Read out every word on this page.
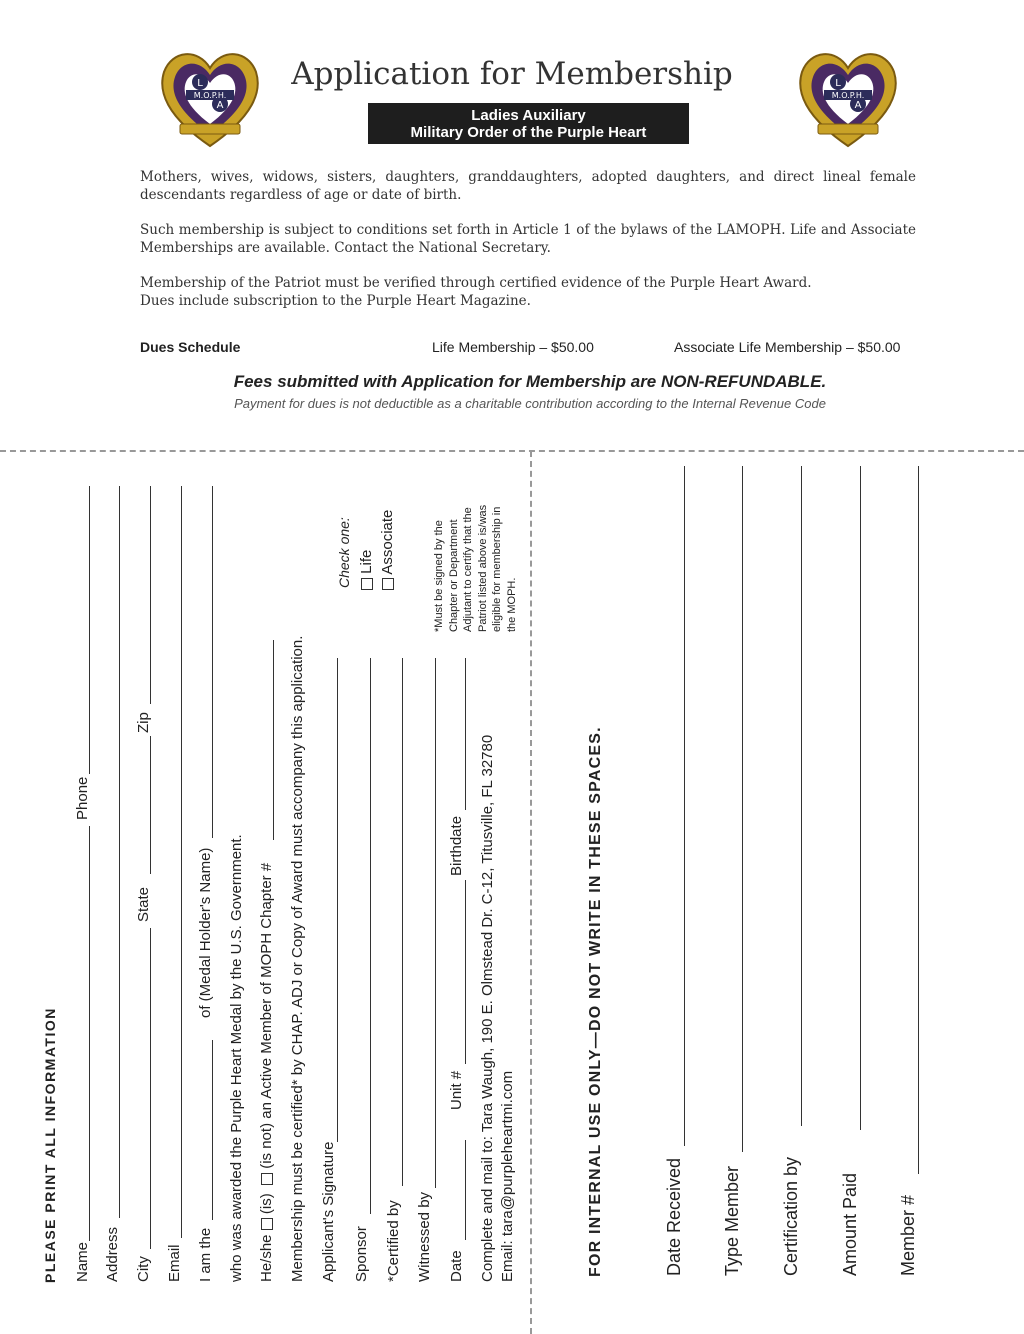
L
M.O.P.H.
A
L
M.O.P.H.
A
Application for Membership
Ladies Auxiliary
Military Order of the Purple Heart
Mothers, wives, widows, sisters, daughters, granddaughters, adopted daughters, and direct lineal female descendants regardless of age or date of birth.
Such membership is subject to conditions set forth in Article 1 of the bylaws of the LAMOPH. Life and Associate Memberships are available. Contact the National Secretary.
Membership of the Patriot must be verified through certified evidence of the Purple Heart Award.
Dues include subscription to the Purple Heart Magazine.
Dues Schedule	Life Membership – $50.00	Associate Life Membership – $50.00
Fees submitted with Application for Membership are NON-REFUNDABLE.
Payment for dues is not deductible as a charitable contribution according to the Internal Revenue Code
PLEASE PRINT ALL INFORMATION Name
Phone
Address City
State
Zip
Email I am the
of (Medal Holder's Name) who was awarded the Purple Heart Medal by the U.S. Government. He/she  (is)   (is not) an Active Member of MOPH Chapter # Membership must be certified* by CHAP. ADJ or Copy of Award must accompany this application. Applicant's Signature Sponsor *Certified by Witnessed by Date
Unit #
Birthdate Complete and mail to: Tara Waugh, 190 E. Olmstead Dr. C-12, Titusville, FL 32780 Email: tara@purpleheartmi.com
Check one: Life Associate	*Must be signed by the Chapter or Department Adjutant to certify that the Patriot listed above is/was eligible for membership in the MOPH.
FOR INTERNAL USE ONLY—DO NOT WRITE IN THESE SPACES.	Date Received Type Member Certification by Amount Paid Member #
